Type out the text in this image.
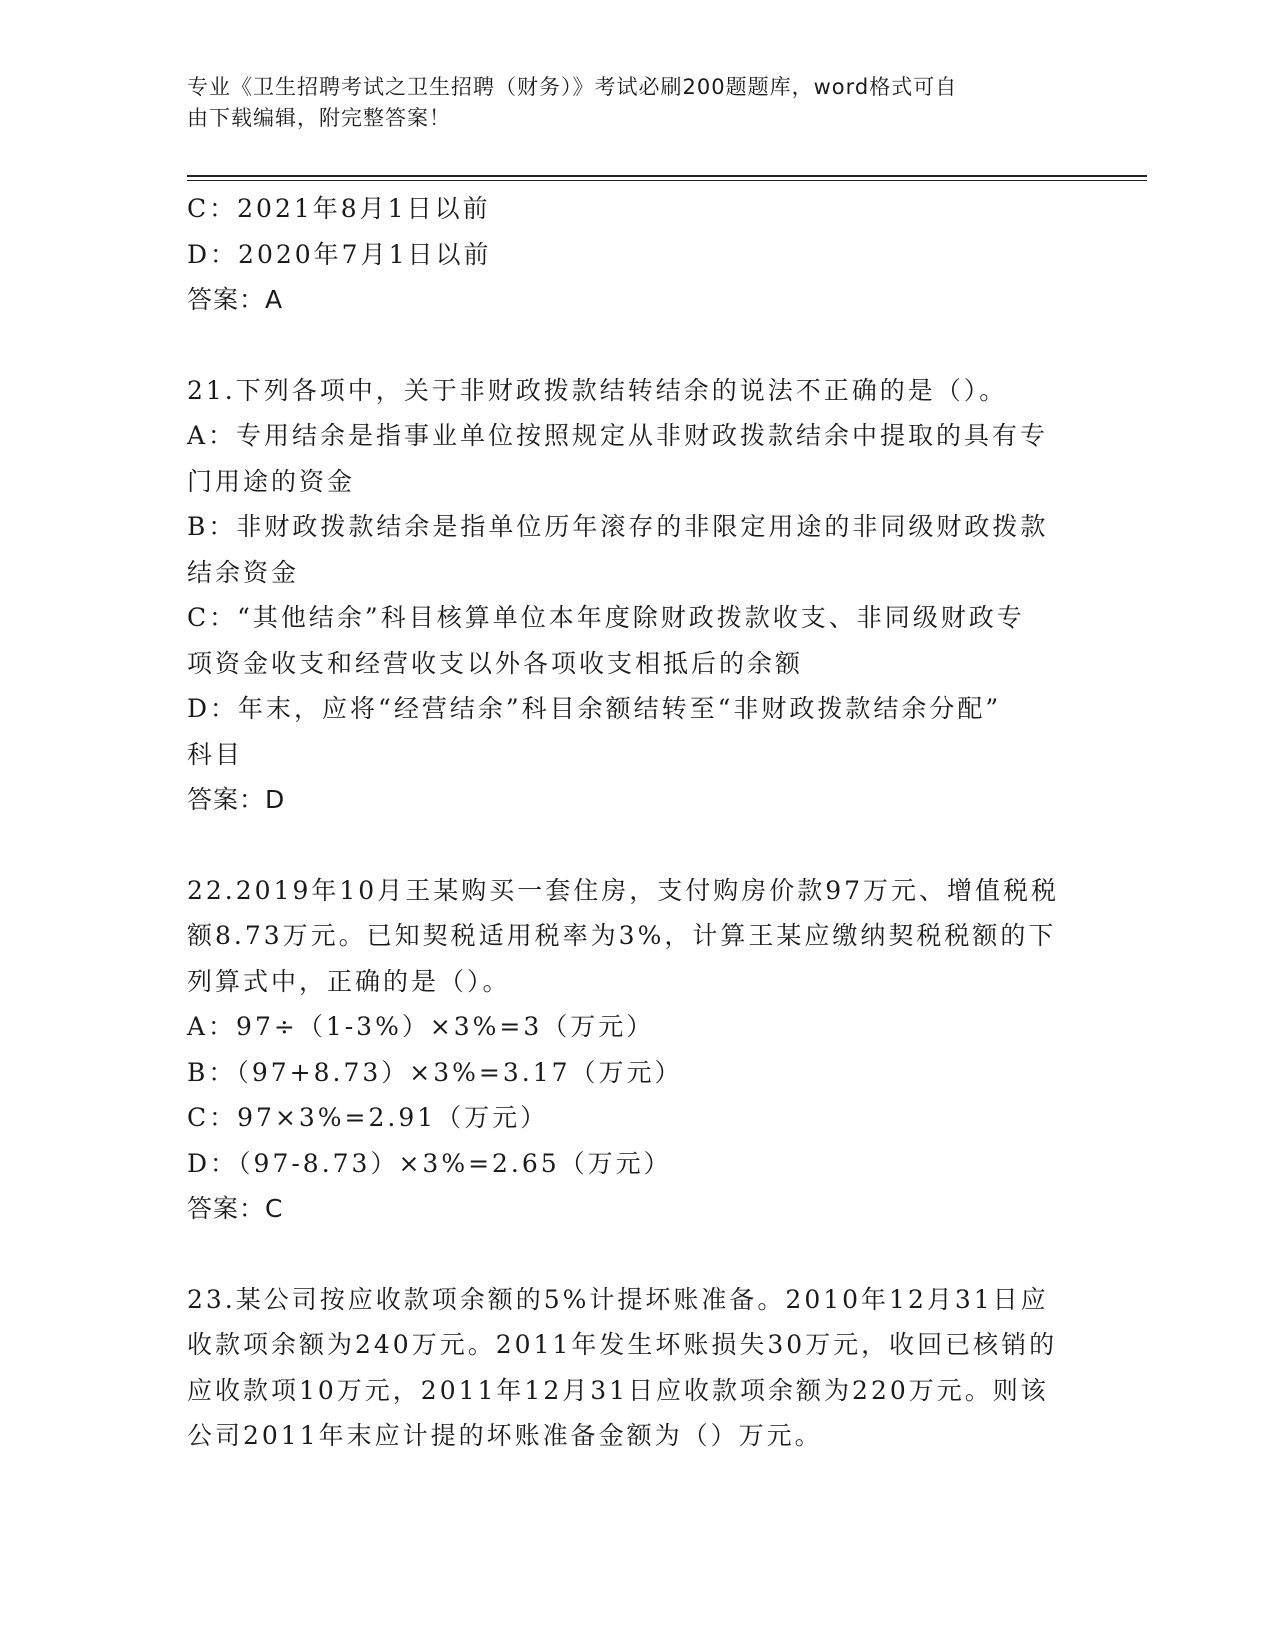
专业《卫生招聘考试之卫生招聘（财务）》考试必刷200题题库，word格式可自
由下载编辑，附完整答案！
C：2021年8月1日以前
D：2020年7月1日以前
答案：A
21.下列各项中，关于非财政拨款结转结余的说法不正确的是（）。
A：专用结余是指事业单位按照规定从非财政拨款结余中提取的具有专
门用途的资金
B：非财政拨款结余是指单位历年滚存的非限定用途的非同级财政拨款
结余资金
C：“其他结余”科目核算单位本年度除财政拨款收支、非同级财政专
项资金收支和经营收支以外各项收支相抵后的余额
D：年末，应将“经营结余”科目余额结转至“非财政拨款结余分配”
科目
答案：D
22.2019年10月王某购买一套住房，支付购房价款97万元、增值税税
额8.73万元。已知契税适用税率为3%，计算王某应缴纳契税税额的下
列算式中，正确的是（）。
A：97÷（1-3%）×3%=3（万元）
B：（97+8.73）×3%=3.17（万元）
C：97×3%=2.91（万元）
D：（97-8.73）×3%=2.65（万元）
答案：C
23.某公司按应收款项余额的5%计提坏账准备。2010年12月31日应
收款项余额为240万元。2011年发生坏账损失30万元，收回已核销的
应收款项10万元，2011年12月31日应收款项余额为220万元。则该
公司2011年末应计提的坏账准备金额为（）万元。
